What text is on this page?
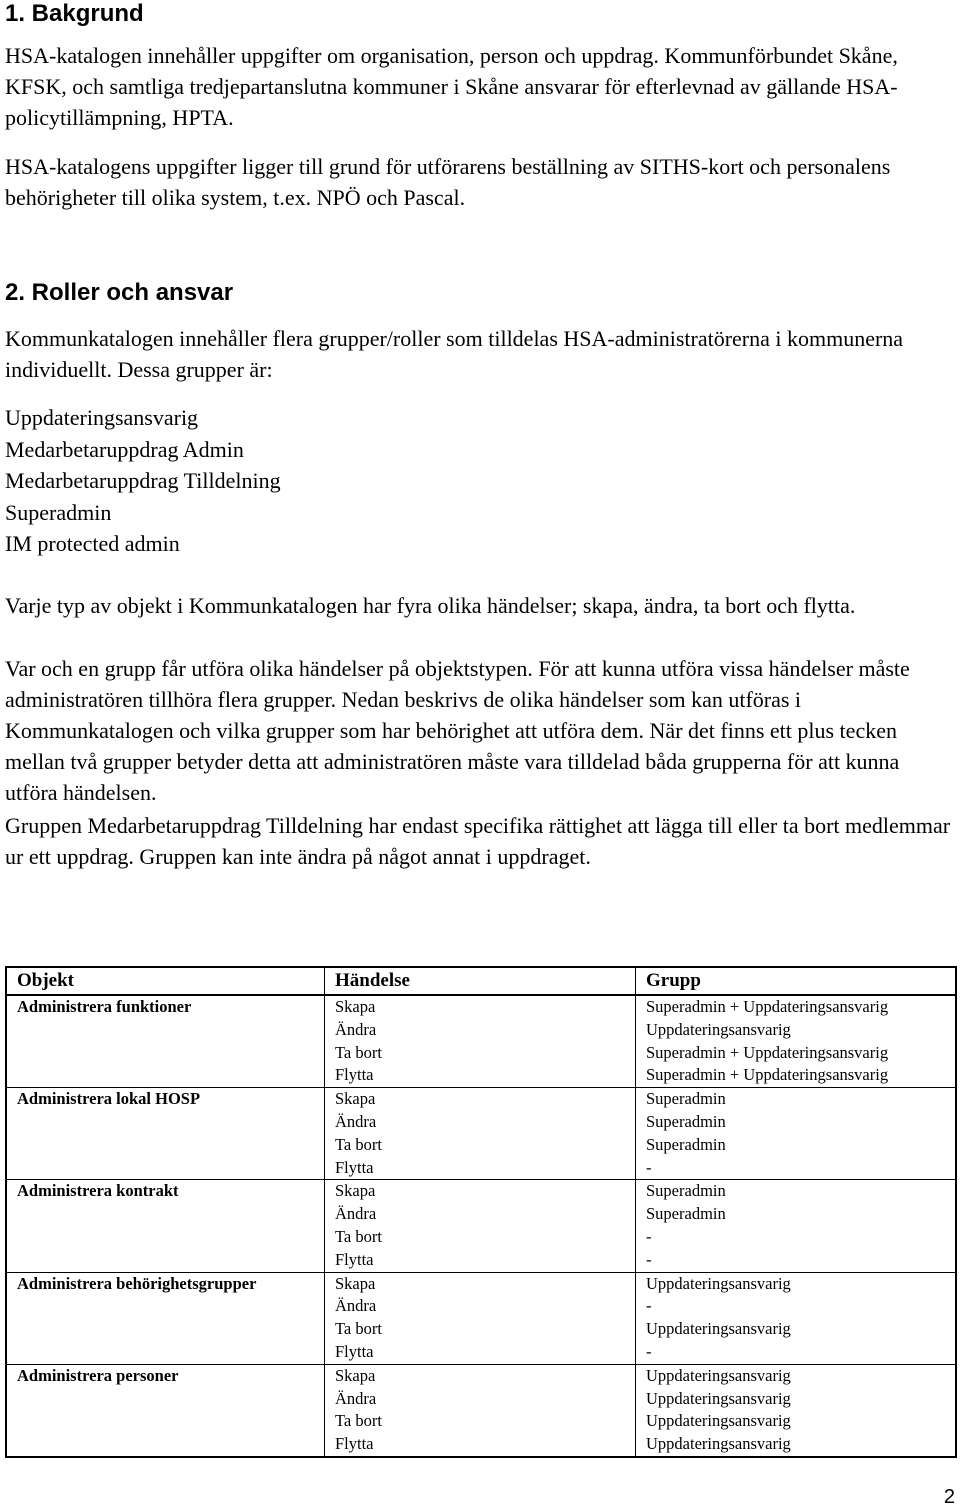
1. Bakgrund

HSA-katalogen innehåller uppgifter om organisation, person och uppdrag. Kommunförbundet Skåne, KFSK, och samtliga tredjepartanslutna kommuner i Skåne ansvarar för efterlevnad av gällande HSA-policytillämpning, HPTA.

HSA-katalogens uppgifter ligger till grund för utförarens beställning av SITHS-kort och personalens behörigheter till olika system, t.ex. NPÖ och Pascal.

2. Roller och ansvar

Kommunkatalogen innehåller flera grupper/roller som tilldelas HSA-administratörerna i kommunerna individuellt. Dessa grupper är:

Uppdateringsansvarig
Medarbetaruppdrag Admin
Medarbetaruppdrag Tilldelning
Superadmin
IM protected admin

Varje typ av objekt i Kommunkatalogen har fyra olika händelser; skapa, ändra, ta bort och flytta.

Var och en grupp får utföra olika händelser på objektstypen. För att kunna utföra vissa händelser måste administratören tillhöra flera grupper. Nedan beskrivs de olika händelser som kan utföras i Kommunkatalogen och vilka grupper som har behörighet att utföra dem. När det finns ett plus tecken mellan två grupper betyder detta att administratören måste vara tilldelad båda grupperna för att kunna utföra händelsen.

Gruppen Medarbetaruppdrag Tilldelning har endast specifika rättighet att lägga till eller ta bort medlemmar ur ett uppdrag. Gruppen kan inte ändra på något annat i uppdraget.

Objekt	Händelse	Grupp
Administrera funktioner	Skapa	Superadmin + Uppdateringsansvarig
	Ändra	Uppdateringsansvarig
	Ta bort	Superadmin + Uppdateringsansvarig
	Flytta	Superadmin + Uppdateringsansvarig
Administrera lokal HOSP	Skapa	Superadmin
	Ändra	Superadmin
	Ta bort	Superadmin
	Flytta	-
Administrera kontrakt	Skapa	Superadmin
	Ändra	Superadmin
	Ta bort	-
	Flytta	-
Administrera behörighetsgrupper	Skapa	Uppdateringsansvarig
	Ändra	-
	Ta bort	Uppdateringsansvarig
	Flytta	-
Administrera personer	Skapa	Uppdateringsansvarig
	Ändra	Uppdateringsansvarig
	Ta bort	Uppdateringsansvarig
	Flytta	Uppdateringsansvarig
2
